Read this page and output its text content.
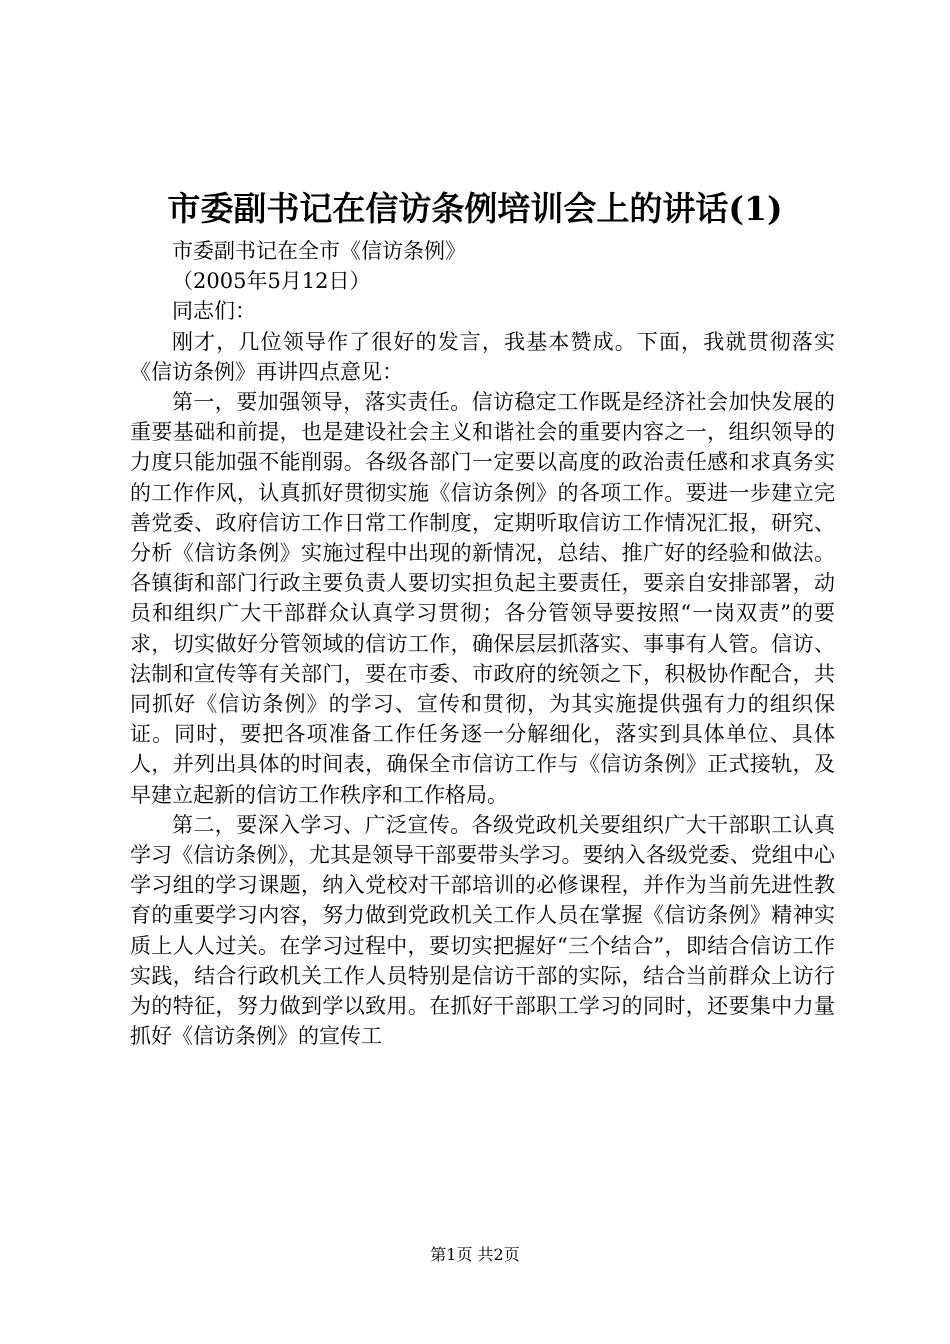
市委副书记在信访条例培训会上的讲话(1)

市委副书记在全市《信访条例》

（2005年5月12日）

同志们：

刚才，几位领导作了很好的发言，我基本赞成。下面，我就贯彻落实《信访条例》再讲四点意见：

第一，要加强领导，落实责任。信访稳定工作既是经济社会加快发展的重要基础和前提，也是建设社会主义和谐社会的重要内容之一，组织领导的力度只能加强不能削弱。各级各部门一定要以高度的政治责任感和求真务实的工作作风，认真抓好贯彻实施《信访条例》的各项工作。要进一步建立完善党委、政府信访工作日常工作制度，定期听取信访工作情况汇报，研究、分析《信访条例》实施过程中出现的新情况，总结、推广好的经验和做法。各镇街和部门行政主要负责人要切实担负起主要责任，要亲自安排部署，动员和组织广大干部群众认真学习贯彻；各分管领导要按照“一岗双责”的要求，切实做好分管领域的信访工作，确保层层抓落实、事事有人管。信访、法制和宣传等有关部门，要在市委、市政府的统领之下，积极协作配合，共同抓好《信访条例》的学习、宣传和贯彻，为其实施提供强有力的组织保证。同时，要把各项准备工作任务逐一分解细化，落实到具体单位、具体人，并列出具体的时间表，确保全市信访工作与《信访条例》正式接轨，及早建立起新的信访工作秩序和工作格局。

第二，要深入学习、广泛宣传。各级党政机关要组织广大干部职工认真学习《信访条例》，尤其是领导干部要带头学习。要纳入各级党委、党组中心学习组的学习课题，纳入党校对干部培训的必修课程，并作为当前先进性教育的重要学习内容，努力做到党政机关工作人员在掌握《信访条例》精神实质上人人过关。在学习过程中，要切实把握好“三个结合”，即结合信访工作实践，结合行政机关工作人员特别是信访干部的实际，结合当前群众上访行为的特征，努力做到学以致用。在抓好干部职工学习的同时，还要集中力量抓好《信访条例》的宣传工

第1页 共2页
